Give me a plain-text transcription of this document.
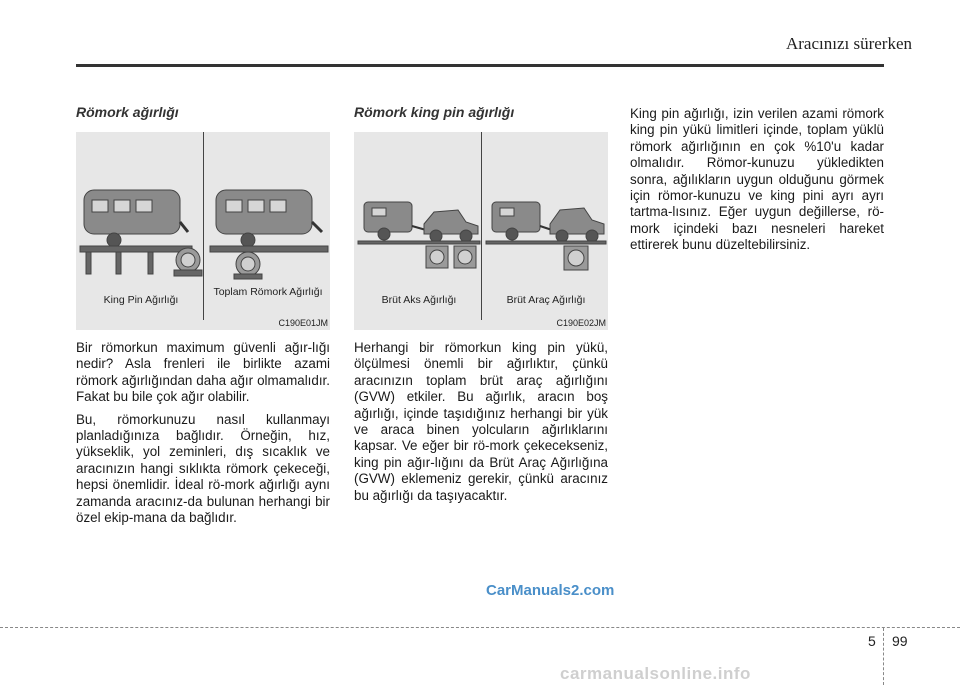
Aracınızı sürerken
Römork ağırlığı
King Pin Ağırlığı
Toplam Römork Ağırlığı
C190E01JM

Bir römorkun maximum güvenli ağır-lığı nedir? Asla frenleri ile birlikte azami römork ağırlığından daha ağır olmamalıdır. Fakat bu bile çok ağır olabilir.

Bu, römorkunuzu nasıl kullanmayı planladığınıza bağlıdır. Örneğin, hız, yükseklik, yol zeminleri, dış sıcaklık ve aracınızın hangi sıklıkta römork çekeceği, hepsi önemlidir. İdeal rö-mork ağırlığı aynı zamanda aracınız-da bulunan herhangi bir özel ekip-mana da bağlıdır.

Römork king pin ağırlığı
Brüt Aks Ağırlığı	Brüt Araç Ağırlığı
C190E02JM

Herhangi bir römorkun king pin yükü, ölçülmesi önemli bir ağırlıktır, çünkü aracınızın toplam brüt araç ağırlığını (GVW) etkiler. Bu ağırlık, aracın boş ağırlığı, içinde taşıdığınız herhangi bir yük ve araca binen yolcuların ağırlıklarını kapsar. Ve eğer bir rö-mork çekecekseniz, king pin ağır-lığını da Brüt Araç Ağırlığına (GVW) eklemeniz gerekir, çünkü aracınız bu ağırlığı da taşıyacaktır.

King pin ağırlığı, izin verilen azami römork king pin yükü limitleri içinde, toplam yüklü römork ağırlığının en çok %10'u kadar olmalıdır. Römor-kunuzu yükledikten sonra, ağılıkların uygun olduğunu görmek için römor-kunuzu ve king pini ayrı ayrı tartma-lısınız. Eğer uygun değillerse, rö-mork içindeki bazı nesneleri hareket ettirerek bunu düzeltebilirsiniz.

CarManuals2.com
5 99
carmanualsonline.info
